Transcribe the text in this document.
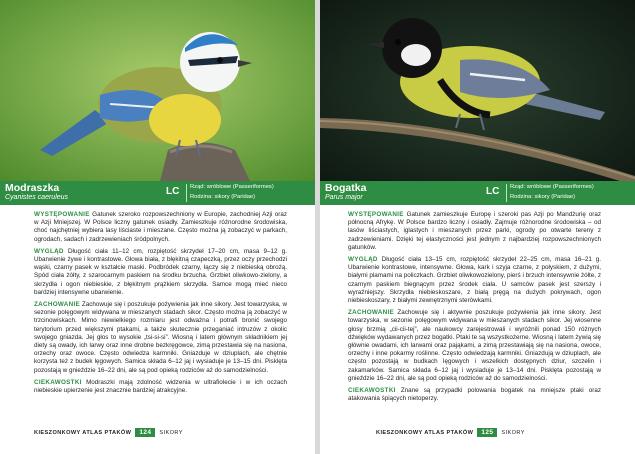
Modraszka
Cyanistes caeruleus
LC Rząd: wróblowe (Passeriformes)
Rodzina: sikory (Paridae)

WYSTĘPOWANIE Gatunek szeroko rozpowszechniony w Europie, zachodniej Azji oraz w Azji Mniejszej. W Polsce liczny gatunek osiadły. Zamieszkuje różnorodne środowiska, choć najchętniej wybiera lasy liściaste i mieszane. Często można ją zobaczyć w parkach, ogrodach, sadach i zadrzewieniach śródpolnych.

WYGLĄD Długość ciała 11–12 cm, rozpiętość skrzydeł 17–20 cm, masa 9–12 g. Ubarwienie żywe i kontrastowe. Głowa biała, z błękitną czapeczką, przez oczy przechodzi wąski, czarny pasek w kształcie maski. Podbródek czarny, łączy się z niebieską obrożą. Spód ciała żółty, z szarocarnym paskiem na środku brzucha. Grzbiet oliwkowo-zielony, a skrzydła i ogon niebieskie, z błękitnym prążkiem skrzydła. Samce mogą mieć nieco bardziej intensywne ubarwienie.

ZACHOWANIE Zachowuje się i poszukuje pożywienia jak inne sikory. Jest towarzyska, w sezonie polęgowym widywana w mieszanych stadach sikor. Często można ją zobaczyć w trzcinowiskach. Mimo niewielkiego rozmiaru jest odważna i potrafi bronić swojego terytorium przed większymi ptakami, a także skutecznie przeganiać intruzów z okolic swojego gniazda. Jej głos to wysokie „tsi-si-si”. Wiosną i latem głównym składnikiem jej diety są owady, ich larwy oraz inne drobne bezkręgowce, zimą przestawia się na nasiona, orzechy oraz owoce. Często odwiedza karmniki. Gniazduje w dziuplach, ale chętnie korzysta też z budek lęgowych. Samica składa 6–12 jaj i wysiaduje je 13–15 dni. Pisklęta pozostają w gnieździe 16–22 dni, ale są pod opieką rodziców aż do samodzielności.

CIEKAWOSTKI Modraszki mają zdolność widzenia w ultrafiolecie i w ich oczach niebieskie upierzenie jest znacznie bardziej atrakcyjne.

KIESZONKOWY ATLAS PTAKÓW 124 SIKORY
Bogatka
Parus major
LC Rząd: wróblowe (Passeriformes)
Rodzina: sikory (Paridae)

WYSTĘPOWANIE Gatunek zamieszkuje Europę i szeroki pas Azji po Mandżurię oraz północną Afrykę. W Polsce bardzo liczny i osiadły. Zajmuje różnorodne środowiska – od lasów liściastych, iglastych i mieszanych przez parki, ogrody po otwarte tereny z zadrzewieniami. Dzięki tej elastyczności jest jednym z najbardziej rozpowszechnionych gatunków.

WYGLĄD Długość ciała 13–15 cm, rozpiętość skrzydeł 22–25 cm, masa 16–21 g. Ubarwienie kontrastowe, intensywne. Głowa, kark i szyja czarne, z połyskiem, z dużymi, białymi plamami na policzkach. Grzbiet oliwkowozielony, pierś i brzuch intensywnie żółte, z czarnym paskiem biegnącym przez środek ciała. U samców pasek jest szerszy i wyraźniejszy. Skrzydła niebieskoszare, z białą pręgą na dużych pokrywach, ogon niebieskoszary, z białymi zewnętrznymi sterówkami.

ZACHOWANIE Zachowuje się i aktywnie poszukuje pożywienia jak inne sikory. Jest towarzyska, w sezonie polęgowym widywana w mieszanych stadach sikor. Jej wiosenne głosy brzmią „cii-cii-tej”, ale naukowcy zarejestrowali i wyróżnili ponad 150 różnych dźwięków wydawanych przez bogatki. Ptaki te są wszystkożerne. Wiosną i latem żywią się głównie owadami, ich larwami oraz pająkami, a zimą przestawiają się na nasiona, owoce, orzechy i inne pokarmy roślinne. Często odwiedzają karmniki. Gniazdują w dziuplach, ale często pozostają w budkach lęgowych i wszelkich dostępnych dziur, szczelin i zakamarków. Samica składa 6–12 jaj i wysiaduje je 13–14 dni. Pisklęta pozostają w gnieździe 16–22 dni, ale są pod opieką rodziców aż do samodzielności.

CIEKAWOSTKI Znane są przypadki polowania bogatek na mniejsze ptaki oraz atakowania śpiących nietoperzy.

KIESZONKOWY ATLAS PTAKÓW 125 SIKORY
